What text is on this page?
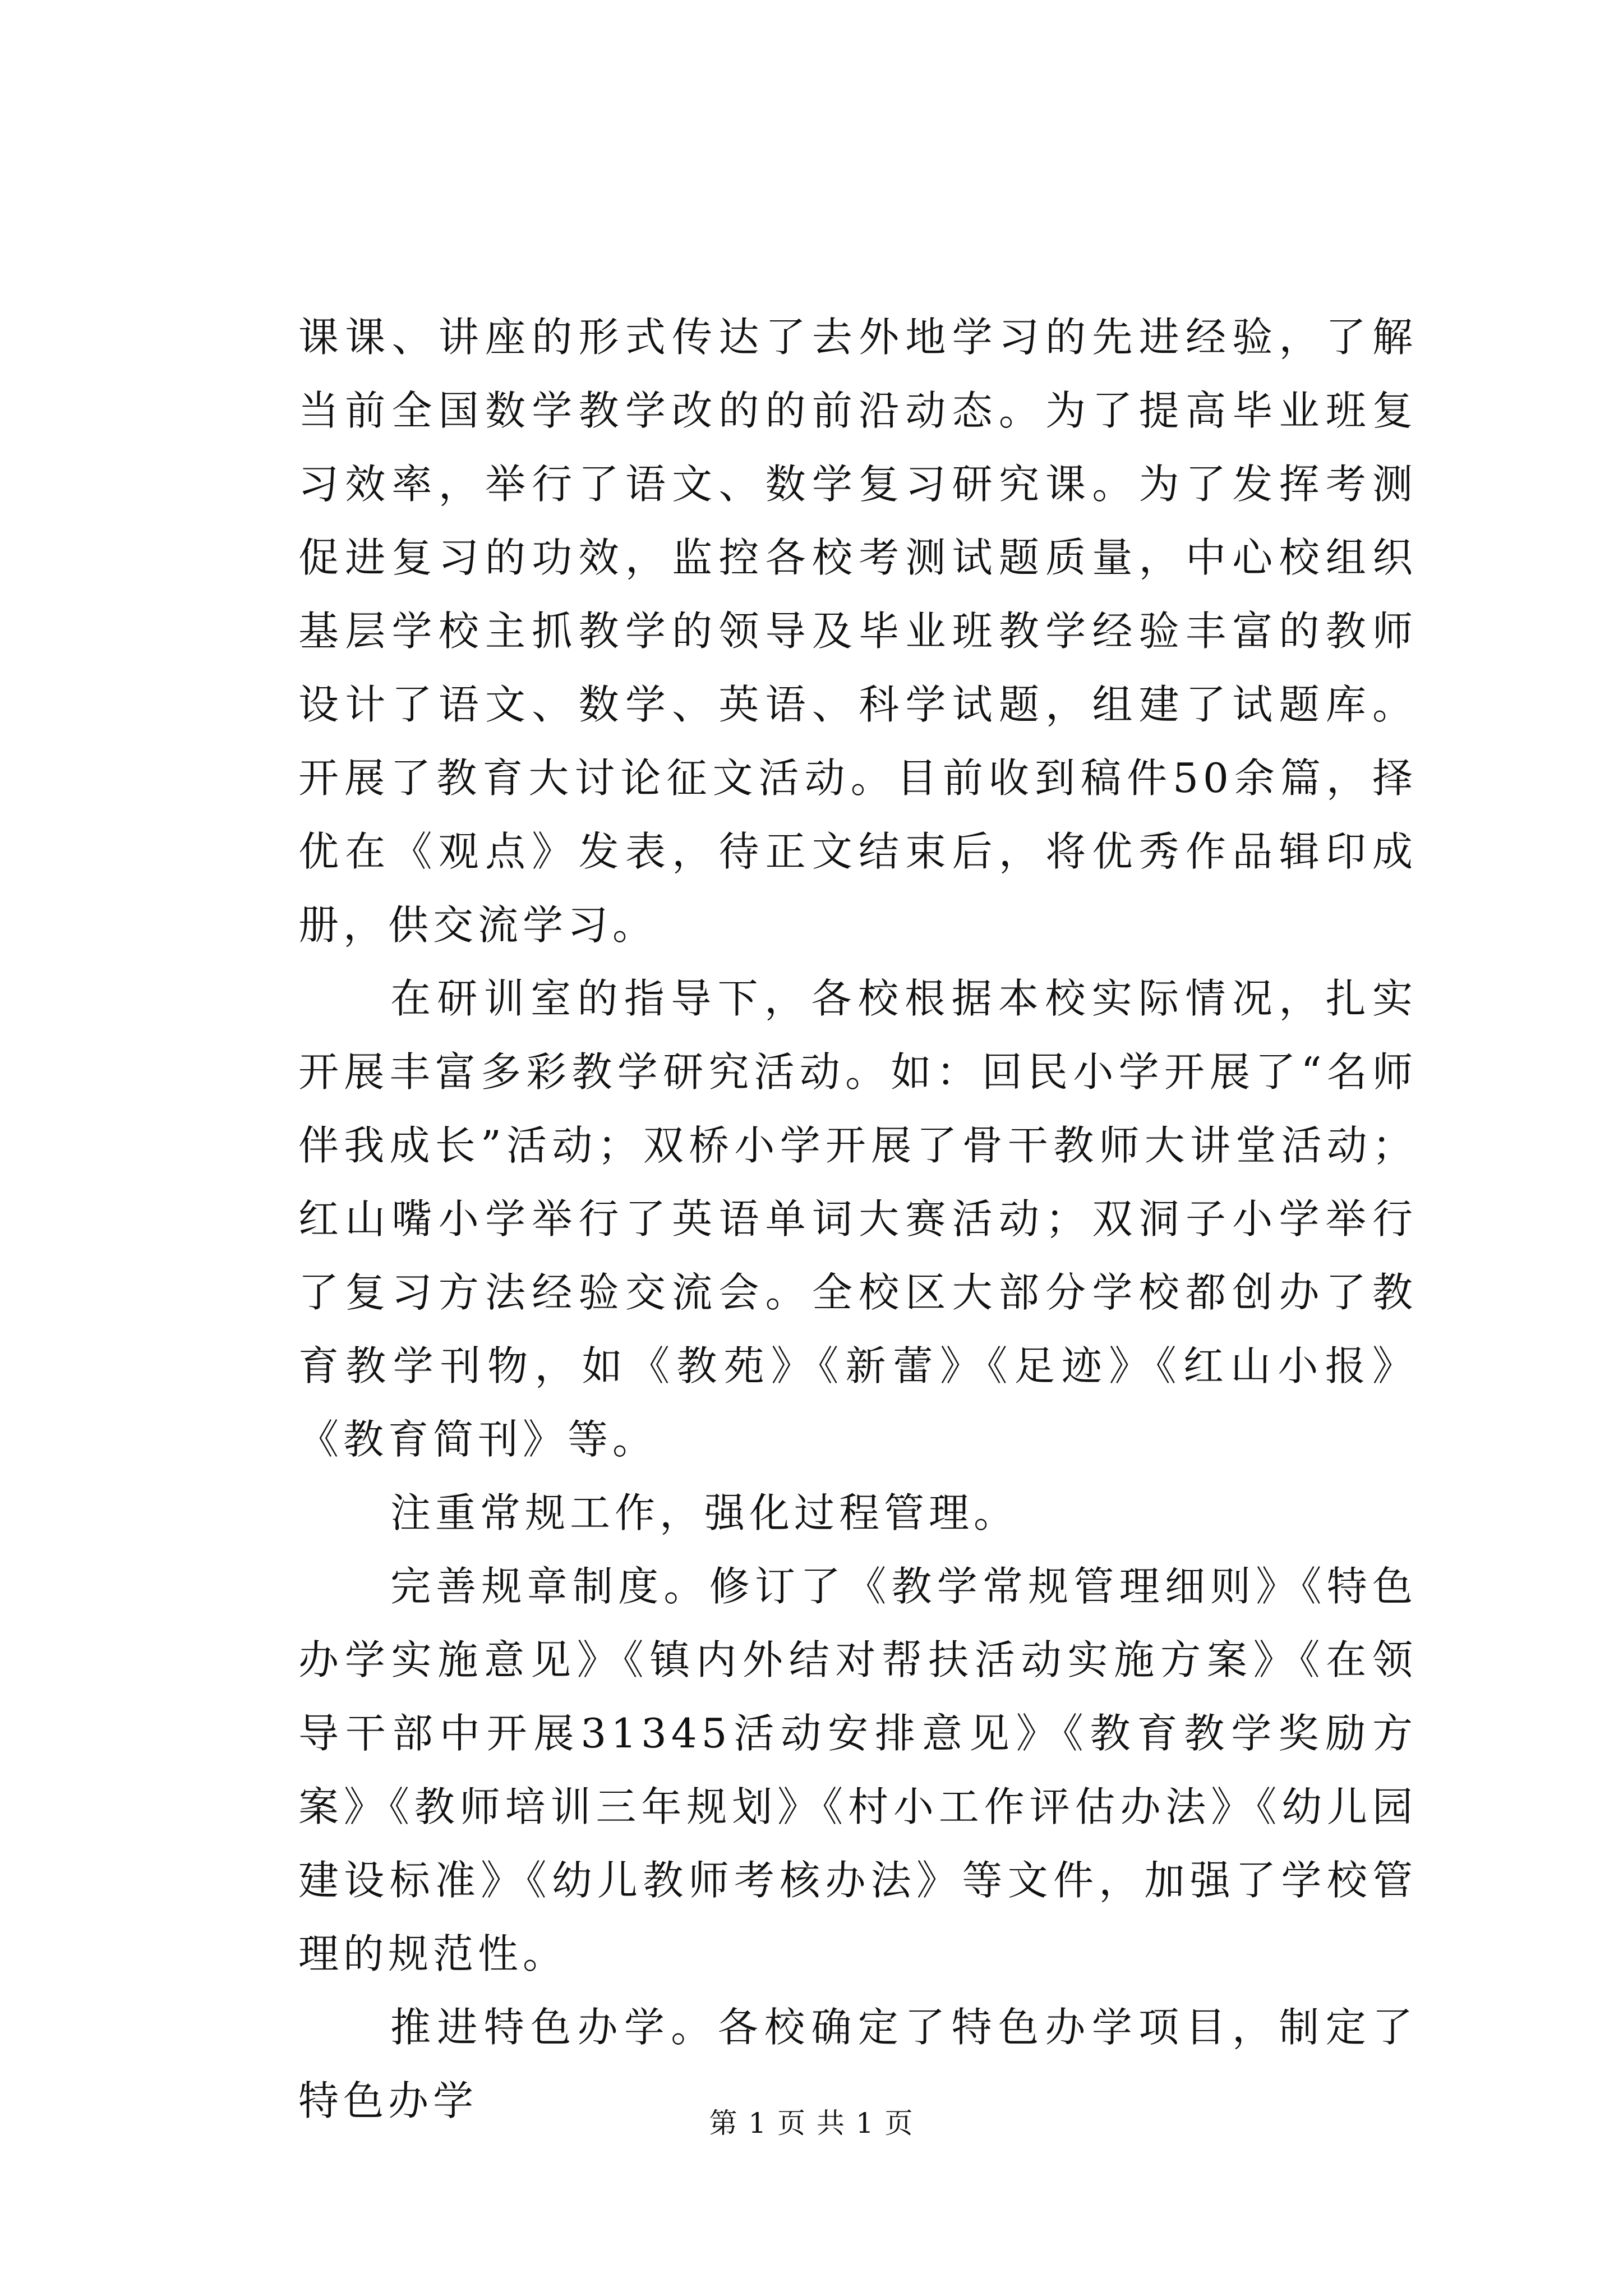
课课、讲座的形式传达了去外地学习的先进经验，了解当前全国数学教学改的的前沿动态。为了提高毕业班复习效率，举行了语文、数学复习研究课。为了发挥考测促进复习的功效，监控各校考测试题质量，中心校组织基层学校主抓教学的领导及毕业班教学经验丰富的教师设计了语文、数学、英语、科学试题，组建了试题库。开展了教育大讨论征文活动。目前收到稿件50余篇，择优在《观点》发表，待正文结束后，将优秀作品辑印成册，供交流学习。

在研训室的指导下，各校根据本校实际情况，扎实开展丰富多彩教学研究活动。如：回民小学开展了“名师伴我成长”活动；双桥小学开展了骨干教师大讲堂活动；红山嘴小学举行了英语单词大赛活动；双洞子小学举行了复习方法经验交流会。全校区大部分学校都创办了教育教学刊物，如《教苑》《新蕾》《足迹》《红山小报》《教育简刊》等。

注重常规工作，强化过程管理。

完善规章制度。修订了《教学常规管理细则》《特色办学实施意见》《镇内外结对帮扶活动实施方案》《在领导干部中开展31345活动安排意见》《教育教学奖励方案》《教师培训三年规划》《村小工作评估办法》《幼儿园建设标准》《幼儿教师考核办法》等文件，加强了学校管理的规范性。

推进特色办学。各校确定了特色办学项目，制定了特色办学	第 1 页 共 1 页
